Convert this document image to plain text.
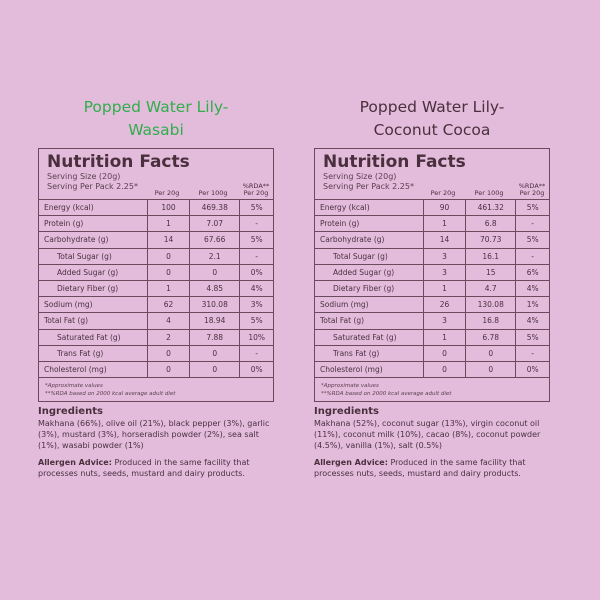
Popped Water Lily-
Wasabi
Nutrition Facts
Serving Size (20g)
Serving Per Pack 2.25*
Per 20g	Per 100g
%RDA**
Per 20g
Energy (kcal)	100	469.38	5%
Protein (g)	1	7.07	-
Carbohydrate (g)	14	67.66	5%
Total Sugar (g)	0	2.1	-
Added Sugar (g)	0	0	0%
Dietary Fiber (g)	1	4.85	4%
Sodium (mg)	62	310.08	3%
Total Fat (g)	4	18.94	5%
Saturated Fat (g)	2	7.88	10%
Trans Fat (g)	0	0	-
Cholesterol (mg)	0	0	0%
*Approximate values
**%RDA based on 2000 kcal average adult diet
Ingredients
Makhana (66%), olive oil (21%), black pepper (3%), garlic (3%), mustard (3%), horseradish powder (2%), sea salt (1%), wasabi powder (1%)
Allergen Advice: Produced in the same facility that processes nuts, seeds, mustard and dairy products.
Popped Water Lily-
Coconut Cocoa
Nutrition Facts
Serving Size (20g)
Serving Per Pack 2.25*
Per 20g	Per 100g
%RDA**
Per 20g
Energy (kcal)	90	461.32	5%
Protein (g)	1	6.8	-
Carbohydrate (g)	14	70.73	5%
Total Sugar (g)	3	16.1	-
Added Sugar (g)	3	15	6%
Dietary Fiber (g)	1	4.7	4%
Sodium (mg)	26	130.08	1%
Total Fat (g)	3	16.8	4%
Saturated Fat (g)	1	6.78	5%
Trans Fat (g)	0	0	-
Cholesterol (mg)	0	0	0%
*Approximate values
**%RDA based on 2000 kcal average adult diet
Ingredients
Makhana (52%), coconut sugar (13%), virgin coconut oil (11%), coconut milk (10%), cacao (8%), coconut powder (4.5%), vanilla (1%), salt (0.5%)
Allergen Advice: Produced in the same facility that processes nuts, seeds, mustard and dairy products.
